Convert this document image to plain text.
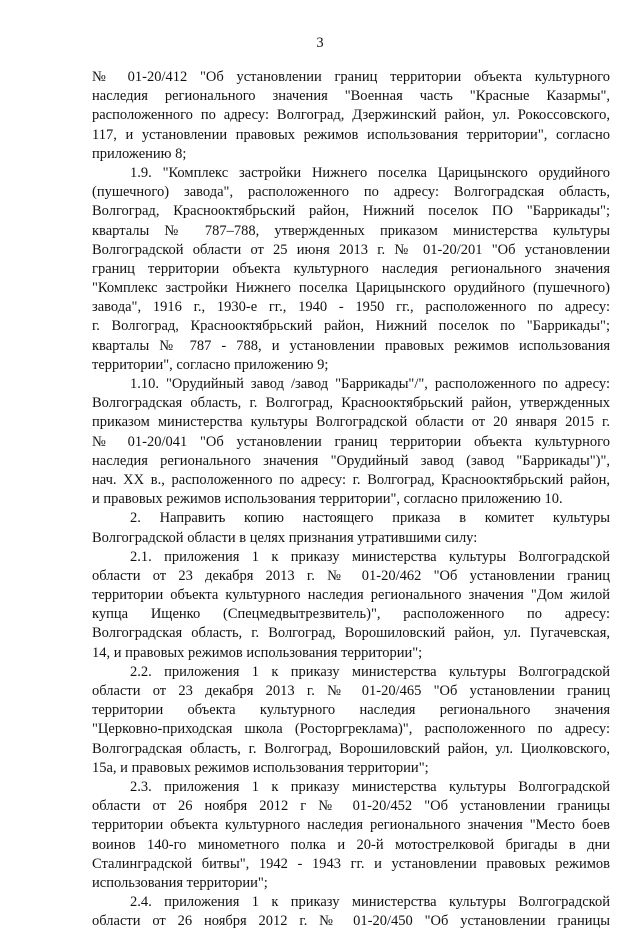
3
№ 01-20/412 "Об установлении границ территории объекта культурного
наследия регионального значения "Военная часть "Красные Казармы",
расположенного по адресу: Волгоград, Дзержинский район, ул. Рокоссовского,
117, и установлении правовых режимов использования территории", согласно
приложению 8;
1.9. "Комплекс застройки Нижнего поселка Царицынского орудийного
(пушечного) завода", расположенного по адресу: Волгоградская область,
Волгоград, Краснооктябрьский район, Нижний поселок ПО "Баррикады";
кварталы № 787–788, утвержденных приказом министерства культуры
Волгоградской области от 25 июня 2013 г. № 01-20/201 "Об установлении
границ территории объекта культурного наследия регионального значения
"Комплекс застройки Нижнего поселка Царицынского орудийного (пушечного)
завода", 1916 г., 1930-е гг., 1940 - 1950 гг., расположенного по адресу:
г. Волгоград, Краснооктябрьский район, Нижний поселок по "Баррикады";
кварталы № 787 - 788, и установлении правовых режимов использования
территории", согласно приложению 9;
1.10. "Орудийный завод /завод "Баррикады"/", расположенного по адресу:
Волгоградская область, г. Волгоград, Краснооктябрьский район, утвержденных
приказом министерства культуры Волгоградской области от 20 января 2015 г.
№ 01-20/041 "Об установлении границ территории объекта культурного
наследия регионального значения "Орудийный завод (завод "Баррикады")",
нач. XX в., расположенного по адресу: г. Волгоград, Краснооктябрьский район,
и правовых режимов использования территории", согласно приложению 10.
2. Направить копию настоящего приказа в комитет культуры
Волгоградской области в целях признания утратившими силу:
2.1. приложения 1 к приказу министерства культуры Волгоградской
области от 23 декабря 2013 г. № 01-20/462 "Об установлении границ
территории объекта культурного наследия регионального значения "Дом жилой
купца Ищенко (Спецмедвытрезвитель)", расположенного по адресу:
Волгоградская область, г. Волгоград, Ворошиловский район, ул. Пугачевская,
14, и правовых режимов использования территории";
2.2. приложения 1 к приказу министерства культуры Волгоградской
области от 23 декабря 2013 г. № 01-20/465 "Об установлении границ
территории объекта культурного наследия регионального значения
"Церковно-приходская школа (Росторгреклама)", расположенного по адресу:
Волгоградская область, г. Волгоград, Ворошиловский район, ул. Циолковского,
15а, и правовых режимов использования территории";
2.3. приложения 1 к приказу министерства культуры Волгоградской
области от 26 ноября 2012 г № 01-20/452 "Об установлении границы
территории объекта культурного наследия регионального значения "Место боев
воинов 140-го минометного полка и 20-й мотострелковой бригады в дни
Сталинградской битвы", 1942 - 1943 гг. и установлении правовых режимов
использования территории";
2.4. приложения 1 к приказу министерства культуры Волгоградской
области от 26 ноября 2012 г. № 01-20/450 "Об установлении границы
